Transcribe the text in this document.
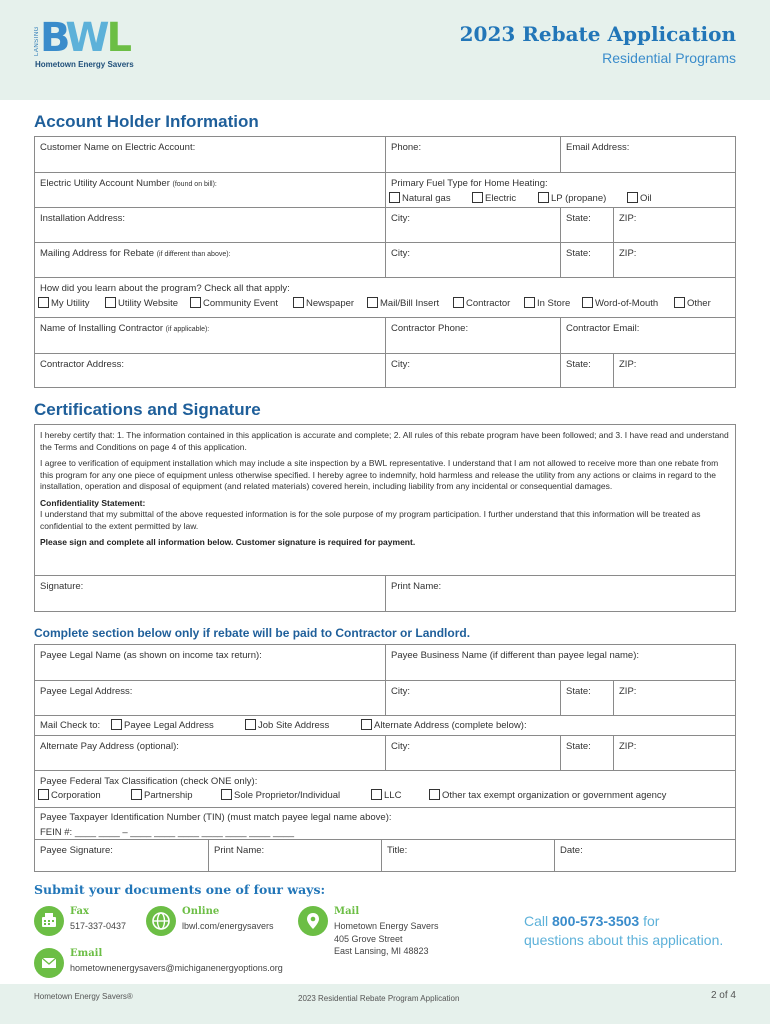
LANSING BWL
Hometown Energy Savers
2023 Rebate Application
Residential Programs
Account Holder Information
Customer Name on Electric Account:	Phone:	Email Address:
Electric Utility Account Number (found on bill):	Primary Fuel Type for Home Heating:
Natural gas	Electric	LP (propane)	Oil
Installation Address:	City:	State:	ZIP:
Mailing Address for Rebate (if different than above):	City:	State:	ZIP:
How did you learn about the program? Check all that apply:
My Utility	Utility Website	Community Event	Newspaper	Mail/Bill Insert	Contractor	In Store	Word-of-Mouth	Other
Name of Installing Contractor (if applicable):	Contractor Phone:	Contractor Email:
Contractor Address:	City:	State:	ZIP:
Certifications and Signature

I hereby certify that: 1. The information contained in this application is accurate and complete; 2. All rules of this rebate program have been followed; and 3. I have read and understand the Terms and Conditions on page 4 of this application.

I agree to verification of equipment installation which may include a site inspection by a BWL representative. I understand that I am not allowed to receive more than one rebate from this program for any one piece of equipment unless otherwise specified. I hereby agree to indemnify, hold harmless and release the utility from any actions or claims in regard to the installation, operation and disposal of equipment (and related materials) covered herein, including liability from any incidental or consequential damages.

Confidentiality Statement:
I understand that my submittal of the above requested information is for the sole purpose of my program participation. I further understand that this information will be treated as confidential to the extent permitted by law.

Please sign and complete all information below. Customer signature is required for payment.

Signature:	Print Name:
Complete section below only if rebate will be paid to Contractor or Landlord.
Payee Legal Name (as shown on income tax return):	Payee Business Name (if different than payee legal name):
Payee Legal Address:	City:	State:	ZIP:
Mail Check to:	Payee Legal Address	Job Site Address	Alternate Address (complete below):
Alternate Pay Address (optional):	City:	State:	ZIP:
Payee Federal Tax Classification (check ONE only):
Corporation	Partnership	Sole Proprietor/Individual	LLC	Other tax exempt organization or government agency
Payee Taxpayer Identification Number (TIN) (must match payee legal name above):
FEIN #: ____ ____ – ____ ____ ____ ____ ____ ____ ____
Payee Signature:	Print Name:	Title:	Date:
Submit your documents one of four ways:
Fax
517-337-0437
Online
lbwl.com/energysavers
Mail
Hometown Energy Savers
405 Grove Street
East Lansing, MI 48823
Email
hometownenergysavers@michiganenergyoptions.org
Call 800-573-3503 for
questions about this application.
Hometown Energy Savers®	2023 Residential Rebate Program Application	2 of 4
